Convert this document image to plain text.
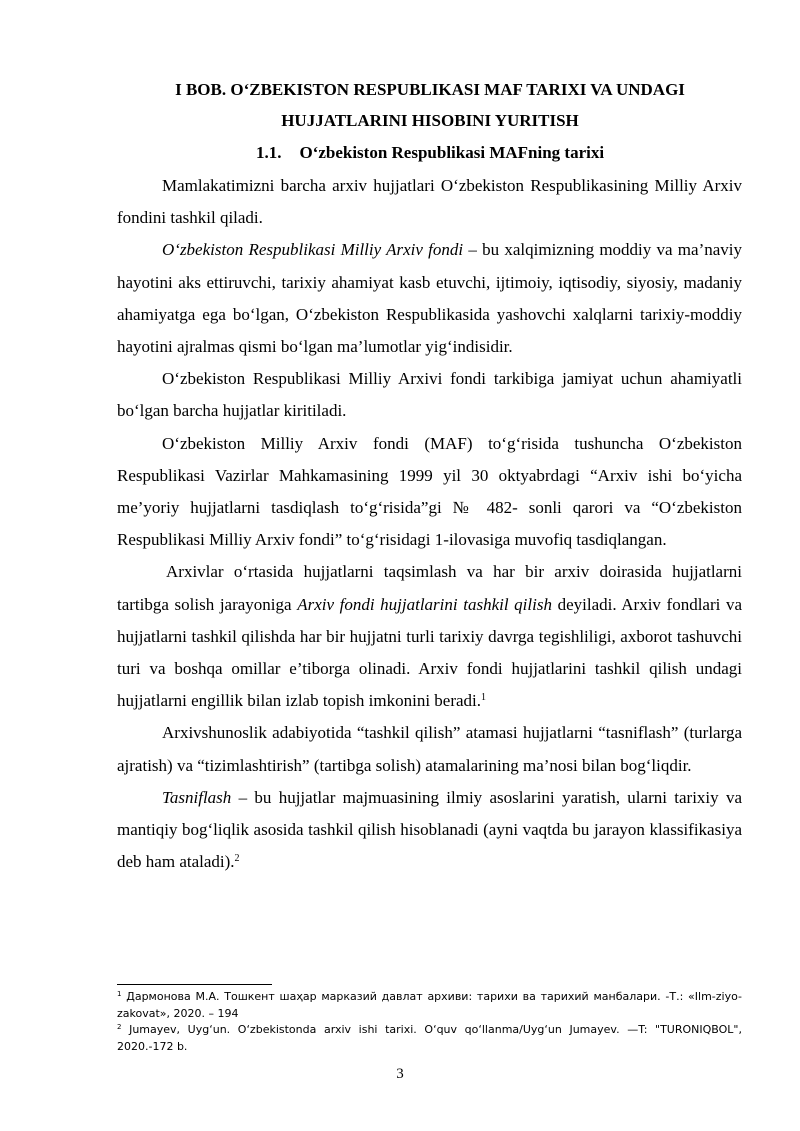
I BOB. O‘ZBEKISTON RESPUBLIKASI MAF TARIXI VA UNDAGI
HUJJATLARINI HISOBINI YURITISH
1.1. O‘zbekiston Respublikasi MAFning tarixi

Mamlakatimizni barcha arxiv hujjatlari O‘zbekiston Respublikasining Milliy Arxiv fondini tashkil qiladi.

O‘zbekiston Respublikasi Milliy Arxiv fondi – bu xalqimizning moddiy va ma’naviy hayotini aks ettiruvchi, tarixiy ahamiyat kasb etuvchi, ijtimoiy, iqtisodiy, siyosiy, madaniy ahamiyatga ega bo‘lgan, O‘zbekiston Respublikasida yashovchi xalqlarni tarixiy-moddiy hayotini ajralmas qismi bo‘lgan ma’lumotlar yig‘indisidir.

O‘zbekiston Respublikasi Milliy Arxivi fondi tarkibiga jamiyat uchun ahamiyatli bo‘lgan barcha hujjatlar kiritiladi.

O‘zbekiston Milliy Arxiv fondi (MAF) to‘g‘risida tushuncha O‘zbekiston Respublikasi Vazirlar Mahkamasining 1999 yil 30 oktyabrdagi “Arxiv ishi bo‘yicha me’yoriy hujjatlarni tasdiqlash to‘g‘risida”gi № 482- sonli qarori va “O‘zbekiston Respublikasi Milliy Arxiv fondi” to‘g‘risidagi 1-ilovasiga muvofiq tasdiqlangan.

Arxivlar o‘rtasida hujjatlarni taqsimlash va har bir arxiv doirasida hujjatlarni tartibga solish jarayoniga Arxiv fondi hujjatlarini tashkil qilish deyiladi. Arxiv fondlari va hujjatlarni tashkil qilishda har bir hujjatni turli tarixiy davrga tegishliligi, axborot tashuvchi turi va boshqa omillar e’tiborga olinadi. Arxiv fondi hujjatlarini tashkil qilish undagi hujjatlarni engillik bilan izlab topish imkonini beradi.$^1$

Arxivshunoslik adabiyotida “tashkil qilish” atamasi hujjatlarni “tasniflash” (turlarga ajratish) va “tizimlashtirish” (tartibga solish) atamalarining ma’nosi bilan bog‘liqdir.

Tasniflash – bu hujjatlar majmuasining ilmiy asoslarini yaratish, ularni tarixiy va mantiqiy bog‘liqlik asosida tashkil qilish hisoblanadi (ayni vaqtda bu jarayon klassifikasiya deb ham ataladi).$^2$

$^1$ Дармонова М.А. Тошкент шаҳар марказий давлат архиви: тарихи ва тарихий манбалари. -Т.: «Ilm-ziyo-zakovat», 2020. – 194

$^2$ Jumayev, Uyg‘un. O‘zbekistonda arxiv ishi tarixi. O‘quv qo‘llanma/Uyg‘un Jumayev. —T: "TURONIQBOL", 2020.-172 b.

3
